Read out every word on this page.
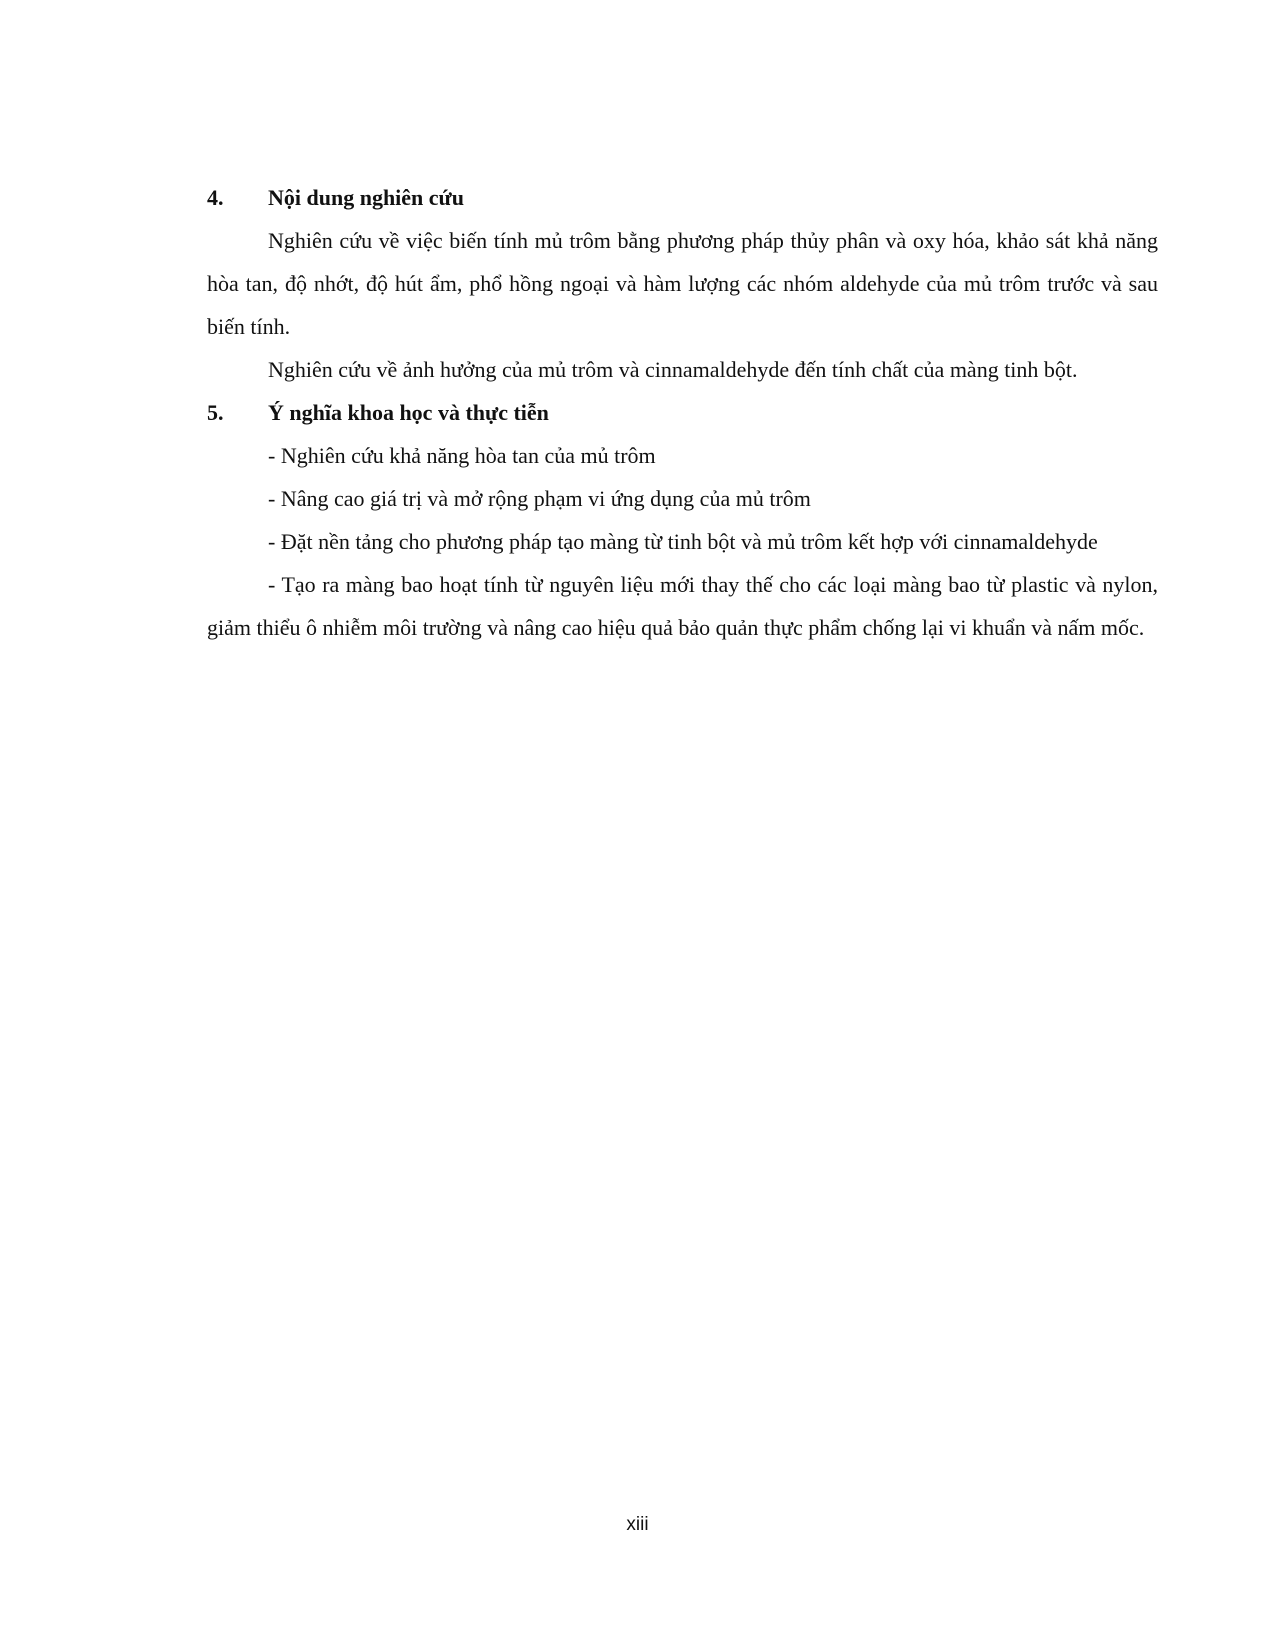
4.	Nội dung nghiên cứu

Nghiên cứu về việc biến tính mủ trôm bằng phương pháp thủy phân và oxy hóa, khảo sát khả năng hòa tan, độ nhớt, độ hút ẩm, phổ hồng ngoại và hàm lượng các nhóm aldehyde của mủ trôm trước và sau biến tính.

Nghiên cứu về ảnh hưởng của mủ trôm và cinnamaldehyde đến tính chất của màng tinh bột.

5.	Ý nghĩa khoa học và thực tiễn

- Nghiên cứu khả năng hòa tan của mủ trôm

- Nâng cao giá trị và mở rộng phạm vi ứng dụng của mủ trôm

- Đặt nền tảng cho phương pháp tạo màng từ tinh bột và mủ trôm kết hợp với cinnamaldehyde

- Tạo ra màng bao hoạt tính từ nguyên liệu mới thay thế cho các loại màng bao từ plastic và nylon, giảm thiểu ô nhiễm môi trường và nâng cao hiệu quả bảo quản thực phẩm chống lại vi khuẩn và nấm mốc.

xiii
